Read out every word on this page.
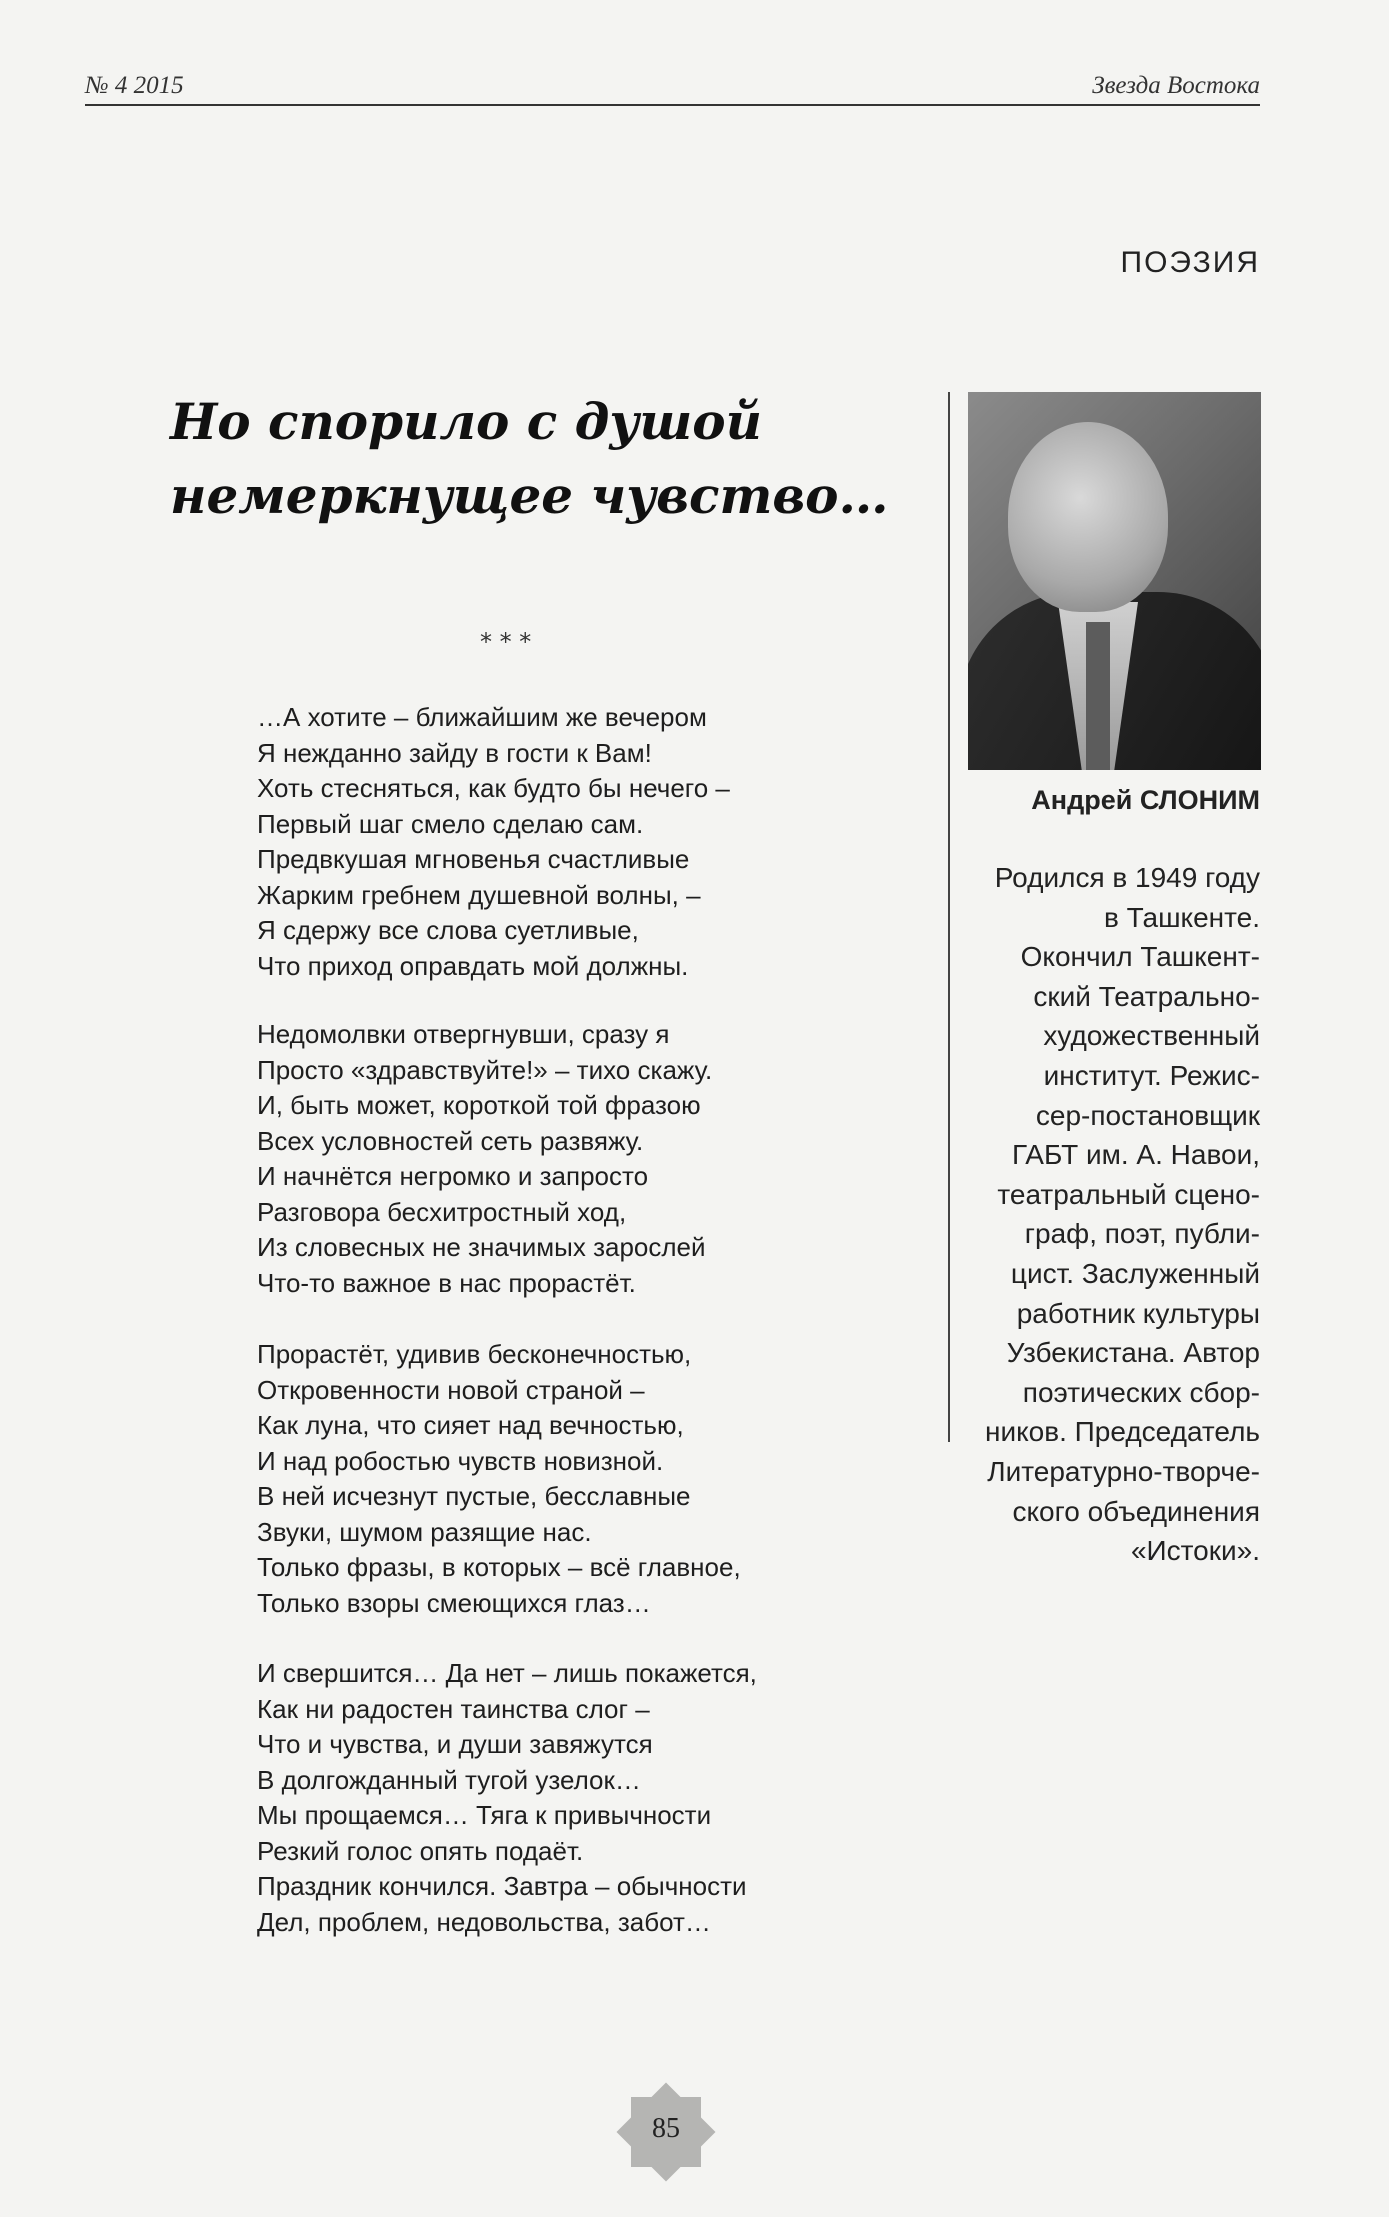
№ 4 2015	Звезда Востока
ПОЭЗИЯ
Но спорило с душой
немеркнущее чувство…
Андрей СЛОНИМ
Родился в 1949 году
в Ташкенте.
Окончил Ташкент-
ский Театрально-
художественный
институт. Режис-
сер-постановщик
ГАБТ им. А. Навои,
театральный сцено-
граф, поэт, публи-
цист. Заслуженный
работник культуры
Узбекистана. Автор
поэтических сбор-
ников. Председатель
Литературно-творче-
ского объединения
«Истоки».
* * *
…А хотите – ближайшим же вечером
Я нежданно зайду в гости к Вам!
Хоть стесняться, как будто бы нечего –
Первый шаг смело сделаю сам.
Предвкушая мгновенья счастливые
Жарким гребнем душевной волны, –
Я сдержу все слова суетливые,
Что приход оправдать мой должны.
Недомолвки отвергнувши, сразу я
Просто «здравствуйте!» – тихо скажу.
И, быть может, короткой той фразою
Всех условностей сеть развяжу.
И начнётся негромко и запросто
Разговора бесхитростный ход,
Из словесных не значимых зарослей
Что-то важное в нас прорастёт.
Прорастёт, удивив бесконечностью,
Откровенности новой страной –
Как луна, что сияет над вечностью,
И над робостью чувств новизной.
В ней исчезнут пустые, бесславные
Звуки, шумом разящие нас.
Только фразы, в которых – всё главное,
Только взоры смеющихся глаз…
И свершится… Да нет – лишь покажется,
Как ни радостен таинства слог –
Что и чувства, и души завяжутся
В долгожданный тугой узелок…
Мы прощаемся… Тяга к привычности
Резкий голос опять подаёт.
Праздник кончился. Завтра – обычности
Дел, проблем, недовольства, забот…
85
